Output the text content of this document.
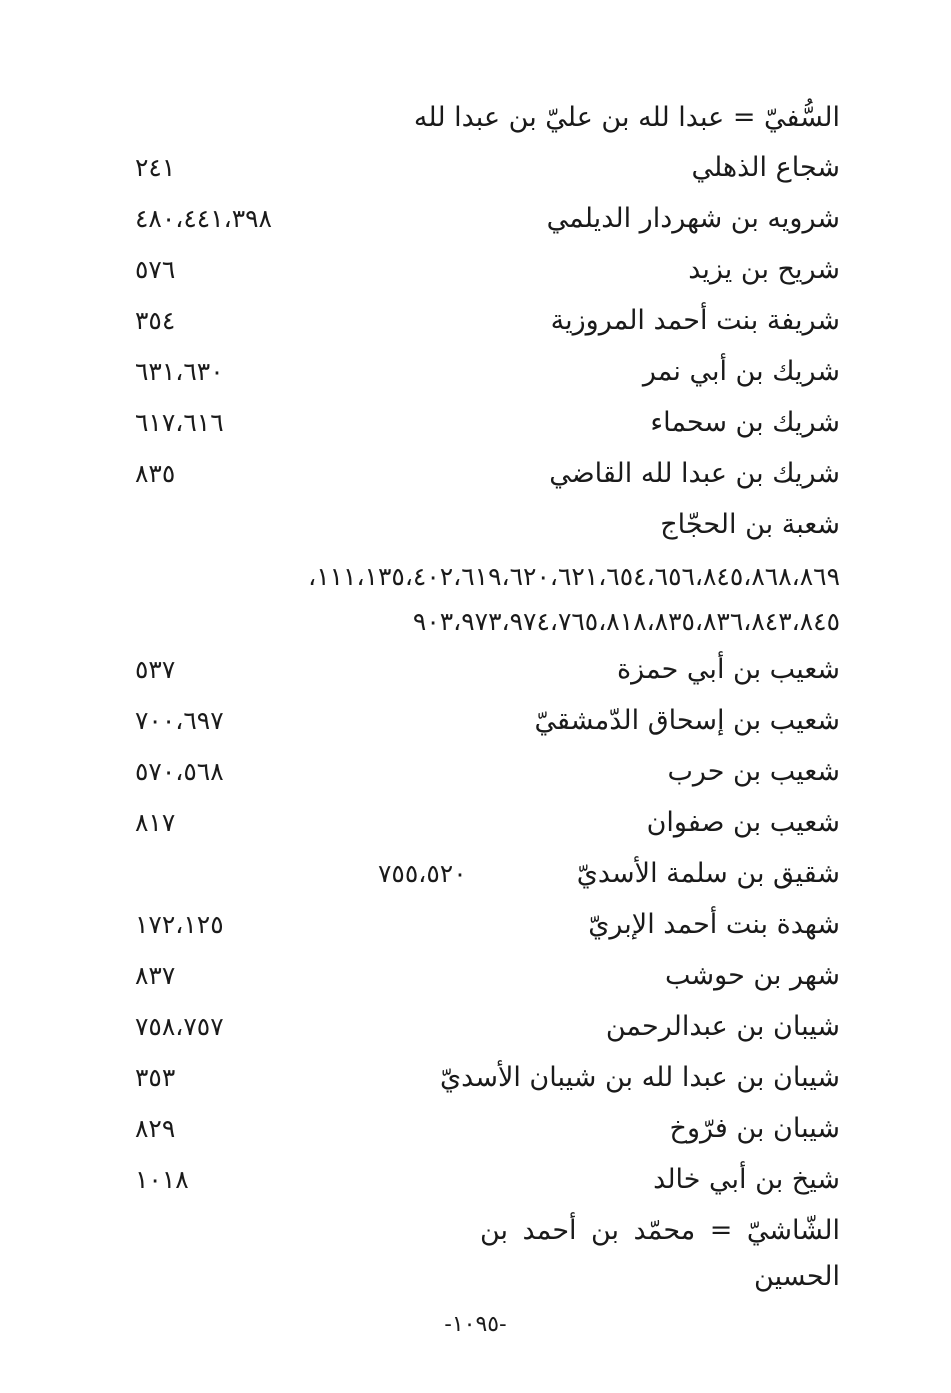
السُّفيّ = عبدا لله بن عليّ بن عبدا لله
شجاع الذهلي
٢٤١
شرويه بن شهردار الديلمي
٤٨٠،٤٤١،٣٩٨
شريح بن يزيد
٥٧٦
شريفة بنت أحمد المروزية
٣٥٤
شريك بن أبي نمر
٦٣١،٦٣٠
شريك بن سحماء
٦١٧،٦١٦
شريك بن عبدا لله القاضي
٨٣٥
شعبة بن الحجّاج
١١١،١٣٥،٤٠٢،٦١٩،٦٢٠،٦٢١،٦٥٤،٦٥٦،٨٤٥،٨٦٨،٨٦٩،
٩٠٣،٩٧٣،٩٧٤،٧٦٥،٨١٨،٨٣٥،٨٣٦،٨٤٣،٨٤٥
شعيب بن أبي حمزة
٥٣٧
شعيب بن إسحاق الدّمشقيّ
٧٠٠،٦٩٧
شعيب بن حرب
٥٧٠،٥٦٨
شعيب بن صفوان
٨١٧
شقيق بن سلمة الأسديّ
٧٥٥،٥٢٠
شهدة بنت أحمد الإبريّ
١٧٢،١٢٥
شهر بن حوشب
٨٣٧
شيبان بن عبدالرحمن
٧٥٨،٧٥٧
شيبان بن عبدا لله بن شيبان الأسديّ
٣٥٣
شيبان بن فرّوخ
٨٢٩
شيخ بن أبي خالد
١٠١٨
الشّاشيّ = محمّد بن أحمد بن الحسين
-١٠٩٥-
